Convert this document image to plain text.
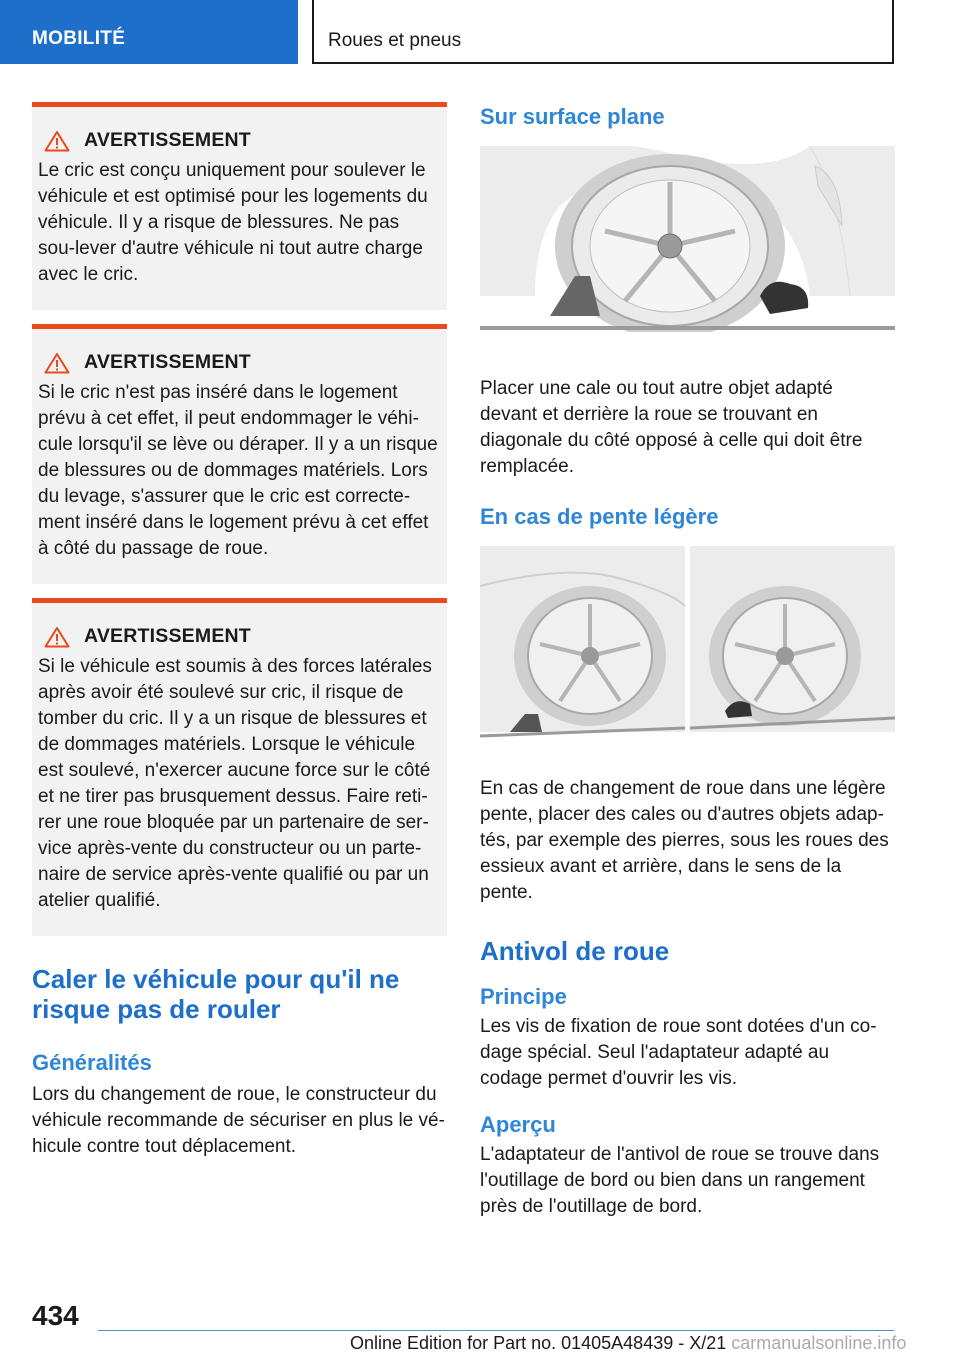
MOBILITÉ	Roues et pneus
AVERTISSEMENT
Le cric est conçu uniquement pour soulever le véhicule et est optimisé pour les logements du véhicule. Il y a risque de blessures. Ne pas sou-lever d'autre véhicule ni tout autre charge avec le cric.
AVERTISSEMENT
Si le cric n'est pas inséré dans le logement prévu à cet effet, il peut endommager le véhi-cule lorsqu'il se lève ou déraper. Il y a un risque de blessures ou de dommages matériels. Lors du levage, s'assurer que le cric est correcte-ment inséré dans le logement prévu à cet effet à côté du passage de roue.
AVERTISSEMENT
Si le véhicule est soumis à des forces latérales après avoir été soulevé sur cric, il risque de tomber du cric. Il y a un risque de blessures et de dommages matériels. Lorsque le véhicule est soulevé, n'exercer aucune force sur le côté et ne tirer pas brusquement dessus. Faire reti-rer une roue bloquée par un partenaire de ser-vice après-vente du constructeur ou un parte-naire de service après-vente qualifié ou par un atelier qualifié.
Caler le véhicule pour qu'il ne risque pas de rouler
Généralités

Lors du changement de roue, le constructeur du véhicule recommande de sécuriser en plus le vé-hicule contre tout déplacement.

Sur surface plane

Placer une cale ou tout autre objet adapté devant et derrière la roue se trouvant en diagonale du côté opposé à celle qui doit être remplacée.

En cas de pente légère

En cas de changement de roue dans une légère pente, placer des cales ou d'autres objets adap-tés, par exemple des pierres, sous les roues des essieux avant et arrière, dans le sens de la pente.

Antivol de roue
Principe

Les vis de fixation de roue sont dotées d'un co-dage spécial. Seul l'adaptateur adapté au codage permet d'ouvrir les vis.

Aperçu

L'adaptateur de l'antivol de roue se trouve dans l'outillage de bord ou bien dans un rangement près de l'outillage de bord.

434
Online Edition for Part no. 01405A48439 - X/21 carmanualsonline.info
